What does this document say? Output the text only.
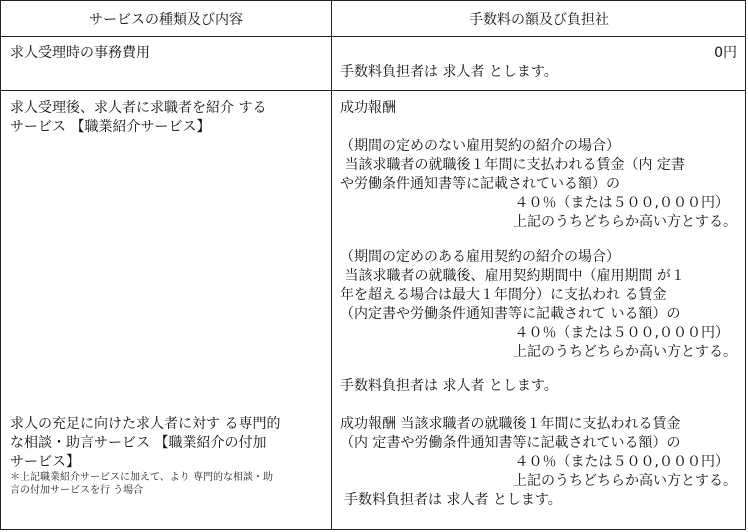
サービスの種類及び内容	手数料の額及び負担社
求人受理時の事務費用	0円
手数料負担者は 求人者 とします。
求人受理後、求人者に求職者を紹介 する
サービス 【職業紹介サービス】
成功報酬
（期間の定めのない雇用契約の紹介の場合）
当該求職者の就職後１年間に支払われる賃金（内 定書
や労働条件通知書等に記載されている額）の
４０％（または５００,０００円）
上記のうちどちらか高い方とする。
（期間の定めのある雇用契約の紹介の場合）
当該求職者の就職後、雇用契約期間中（雇用期間 が１
年を超える場合は最大１年間分）に支払われ る賃金
（内定書や労働条件通知書等に記載されて いる額）の
４０％（または５００,０００円）
上記のうちどちらか高い方とする。
手数料負担者は 求人者 とします。
求人の充足に向けた求人者に対す る専門的
な相談・助言サービス 【職業紹介の付加
サービス】
＊上記職業紹介サービスに加えて、より 専門的な相談・助
言の付加サービスを行 う場合
成功報酬 当該求職者の就職後１年間に支払われる賃金
（内 定書や労働条件通知書等に記載されている額）の
４０％（または５００,０００円）
上記のうちどちらか高い方とする。
手数料負担者は 求人者 とします。
